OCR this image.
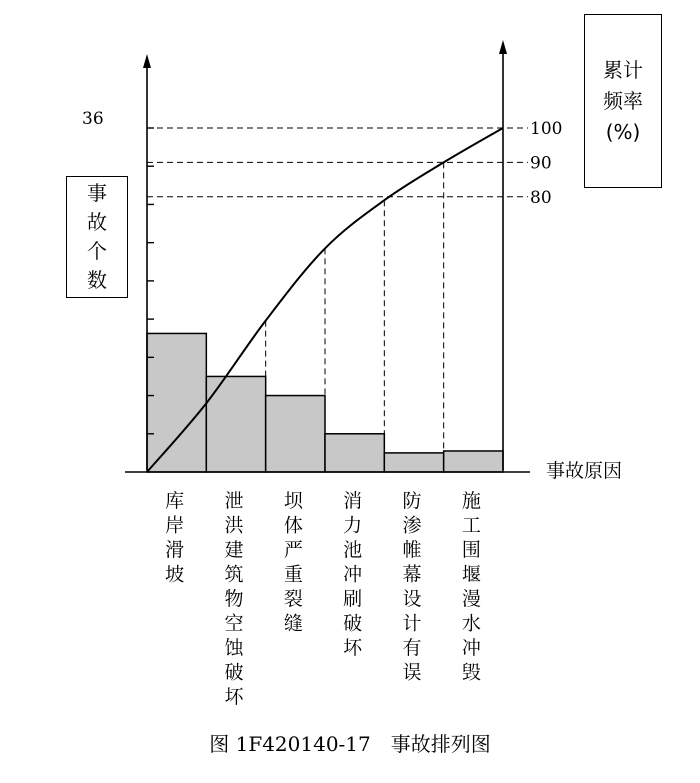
100
90
80
36
事故原因
库岸滑坡
泄洪建筑物空蚀破坏
坝体严重裂缝
消力池冲刷破坏
防渗帷幕设计有误
施工围堰漫水冲毁
事故个数
累计频率(%)
图 1F420140-17 事故排列图
